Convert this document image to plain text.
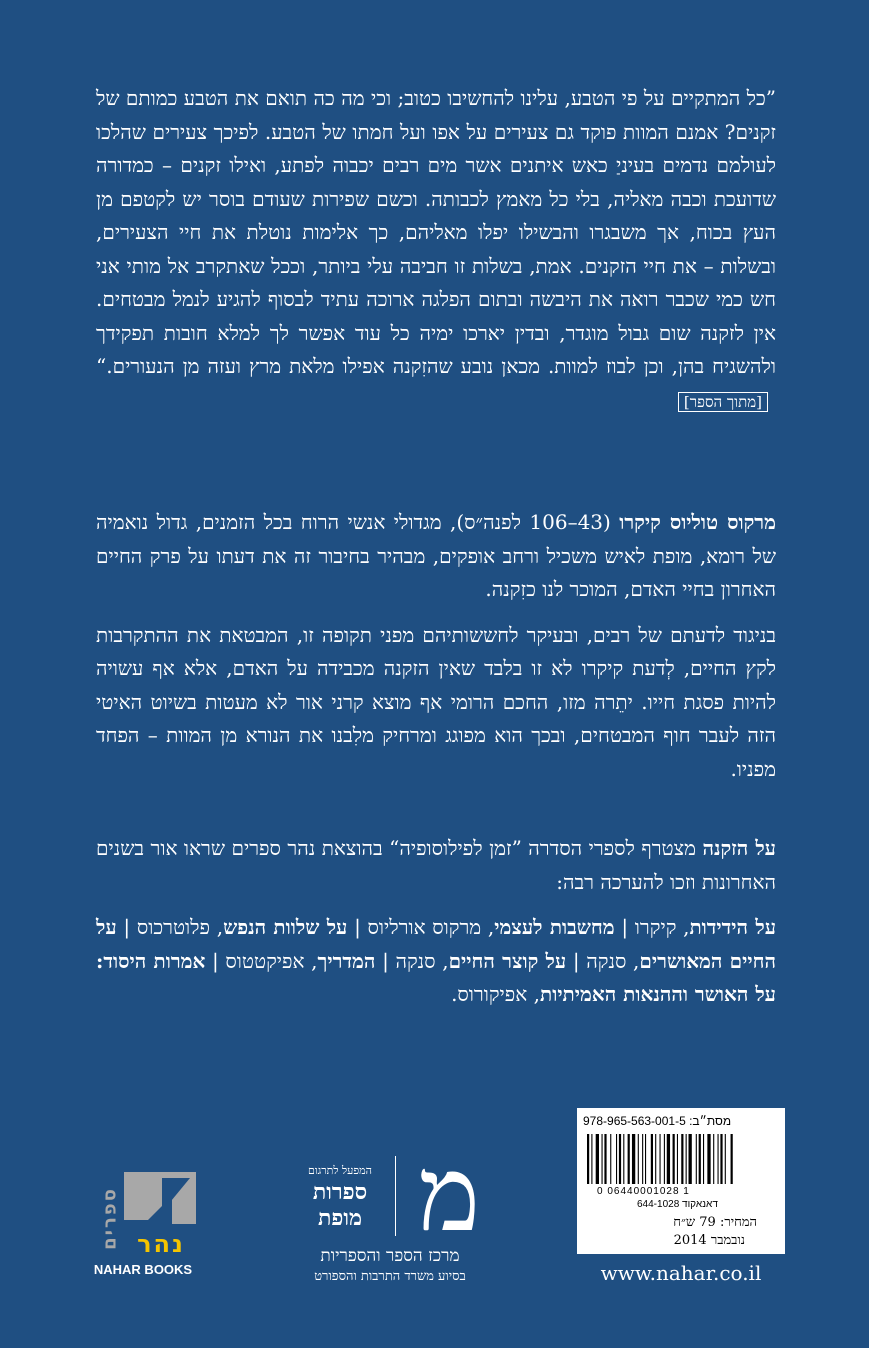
”כל המתקיים על פי הטבע, עלינו להחשיבו כטוב; וכי מה כה תואם את הטבע כמותם של זקנים? אמנם המוות פוקד גם צעירים על אפו ועל חמתו של הטבע. לפיכך צעירים שהלכו לעולמם נדמים בעיניַ כאש איתנים אשר מים רבים יכבוה לפתע, ואילו זקנים – כמדורה שדועכת וכבה מאליה, בלי כל מאמץ לכבותה. וכשם שפירות שעודם בוסר יש לקטפם מן העץ בכוח, אך משבגרו והבשילו יפלו מאליהם, כך אלימות נוטלת את חיי הצעירים, ובשלות – את חיי הזקנים. אמת, בשלות זו חביבה עלי ביותר, וככל שאתקרב אל מותי אני חש כמי שכבר רואה את היבשה ובתום הפלגה ארוכה עתיד לבסוף להגיע לנמל מבטחים. אין לזקנה שום גבול מוגדר, ובדין יארכו ימיה כל עוד אפשר לך למלא חובות תפקידך ולהשגיח בהן, וכן לבוז למוות. מכאן נובע שהזִקנה אפילו מלאת מרץ ועזה מן הנעורים.“ [מתוך הספר]

מרקוס טוליוס קיקרו (43–106 לפנה״ס), מגדולי אנשי הרוח בכל הזמנים, גדול נואמיה של רומא, מופת לאיש משכיל ורחב אופקים, מבהיר בחיבור זה את דעתו על פרק החיים האחרון בחיי האדם, המוכר לנו כזִקנה.

בניגוד לדעתם של רבים, ובעיקר לחששותיהם מפני תקופה זו, המבטאת את ההתקרבות לקץ החיים, לְדעת קיקרו לא זו בלבד שאין הזקנה מכבידה על האדם, אלא אף עשויה להיות פסגת חייו. יתֵרה מזו, החכם הרומי אף מוצא קרני אור לא מעטות בשיוט האיטי הזה לעבר חוף המבטחים, ובכך הוא מפוגג ומרחיק מלִבנו את הנורא מן המוות – הפחד מפניו.

על הזקנה מצטרף לספרי הסדרה ”זמן לפילוסופיה“ בהוצאת נהר ספרים שראו אור בשנים האחרונות וזכו להערכה רבה:

על הידידות, קיקרו | מחשבות לעצמי, מרקוס אורליוס | על שלוות הנפש, פלוטרכוס | על החיים המאושרים, סנקה | על קוצר החיים, סנקה | המדריך, אפיקטטוס | אמרות היסוד: על האושר וההנאות האמיתיות, אפיקורוס.

ספרים נהר
NAHAR BOOKS
מ
המפעל לתרגום
ספרות
מופת
מרכז הספר והספריות
בסיוע משרד התרבות והספורט
978-965-563-001-5 :מסת״ב
0 06440001028 1
644-1028 דאנאקוד
המחיר: 79 ש״ח
נובמבר 2014
www.nahar.co.il
